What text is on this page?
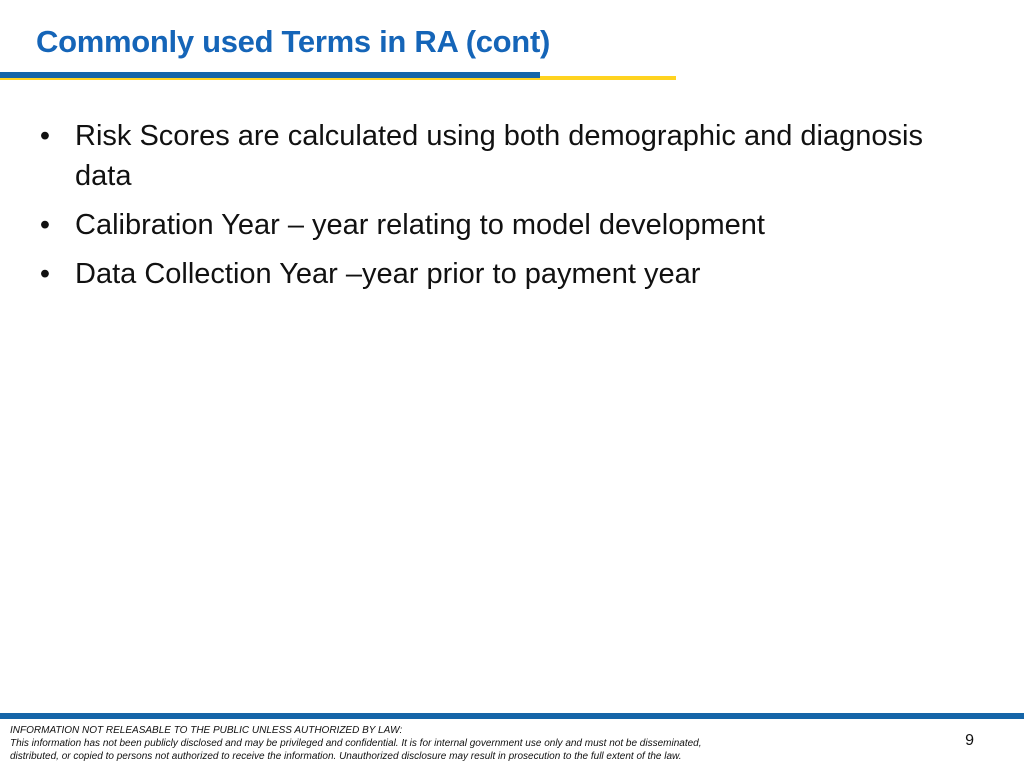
Commonly used Terms in RA (cont)
• Risk Scores are calculated using both demographic and diagnosis data
• Calibration Year – year relating to model development
• Data Collection Year –year prior to payment year
INFORMATION NOT RELEASABLE TO THE PUBLIC UNLESS AUTHORIZED BY LAW:
This information has not been publicly disclosed and may be privileged and confidential. It is for internal government use only and must not be disseminated,
distributed, or copied to persons not authorized to receive the information. Unauthorized disclosure may result in prosecution to the full extent of the law.
9
